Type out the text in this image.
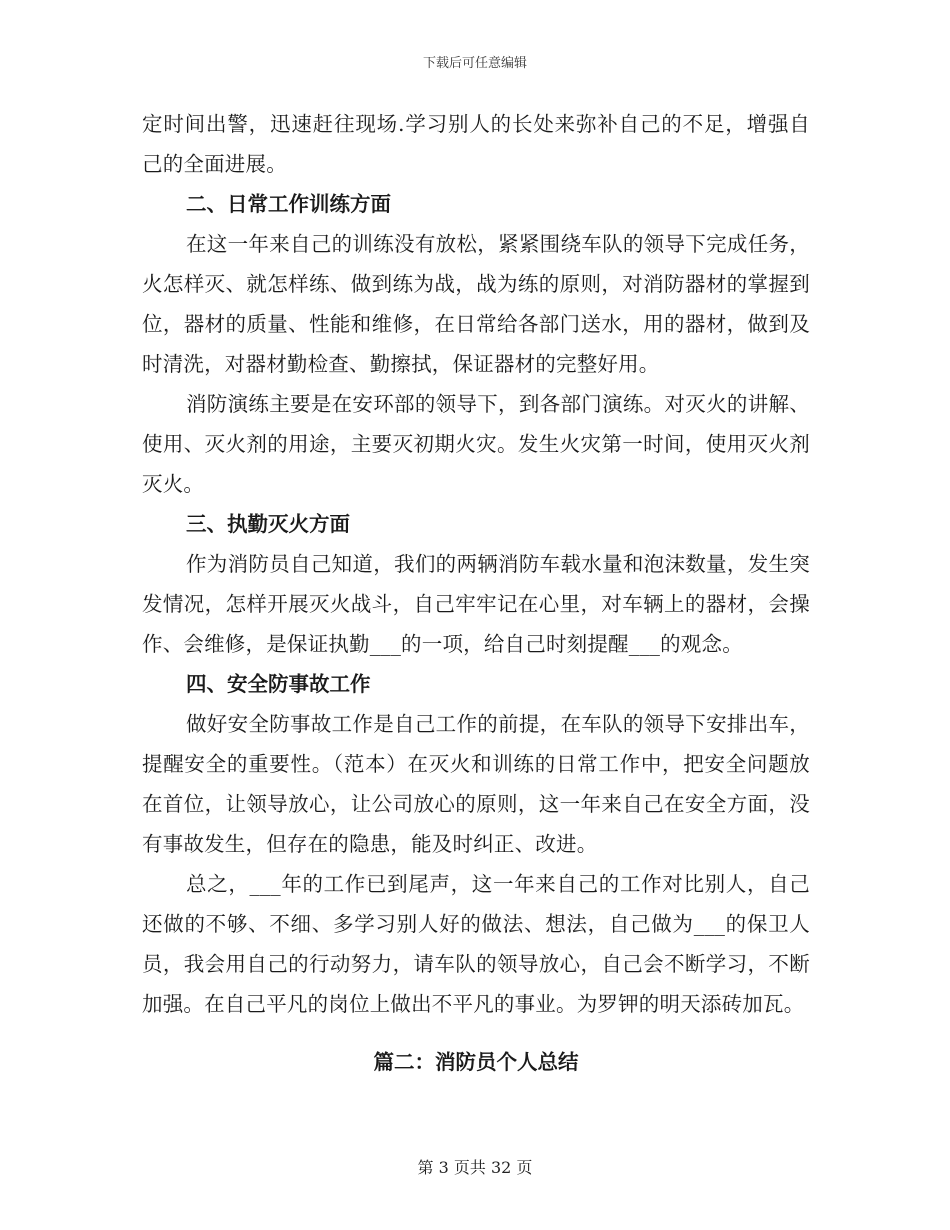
下载后可任意编辑

定时间出警，迅速赶往现场.学习别人的长处来弥补自己的不足，增强自己的全面进展。

二、日常工作训练方面

在这一年来自己的训练没有放松，紧紧围绕车队的领导下完成任务，火怎样灭、就怎样练、做到练为战，战为练的原则，对消防器材的掌握到位，器材的质量、性能和维修，在日常给各部门送水，用的器材，做到及时清洗，对器材勤检查、勤擦拭，保证器材的完整好用。

消防演练主要是在安环部的领导下，到各部门演练。对灭火的讲解、使用、灭火剂的用途，主要灭初期火灾。发生火灾第一时间，使用灭火剂灭火。

三、执勤灭火方面

作为消防员自己知道，我们的两辆消防车载水量和泡沫数量，发生突发情况，怎样开展灭火战斗，自己牢牢记在心里，对车辆上的器材，会操作、会维修，是保证执勤___的一项，给自己时刻提醒___的观念。

四、安全防事故工作

做好安全防事故工作是自己工作的前提，在车队的领导下安排出车，提醒安全的重要性。（范本）在灭火和训练的日常工作中，把安全问题放在首位，让领导放心，让公司放心的原则，这一年来自己在安全方面，没有事故发生，但存在的隐患，能及时纠正、改进。

总之，___年的工作已到尾声，这一年来自己的工作对比别人，自己还做的不够、不细、多学习别人好的做法、想法，自己做为___的保卫人员，我会用自己的行动努力，请车队的领导放心，自己会不断学习，不断加强。在自己平凡的岗位上做出不平凡的事业。为罗钾的明天添砖加瓦。

篇二：消防员个人总结

第 3 页共 32 页
